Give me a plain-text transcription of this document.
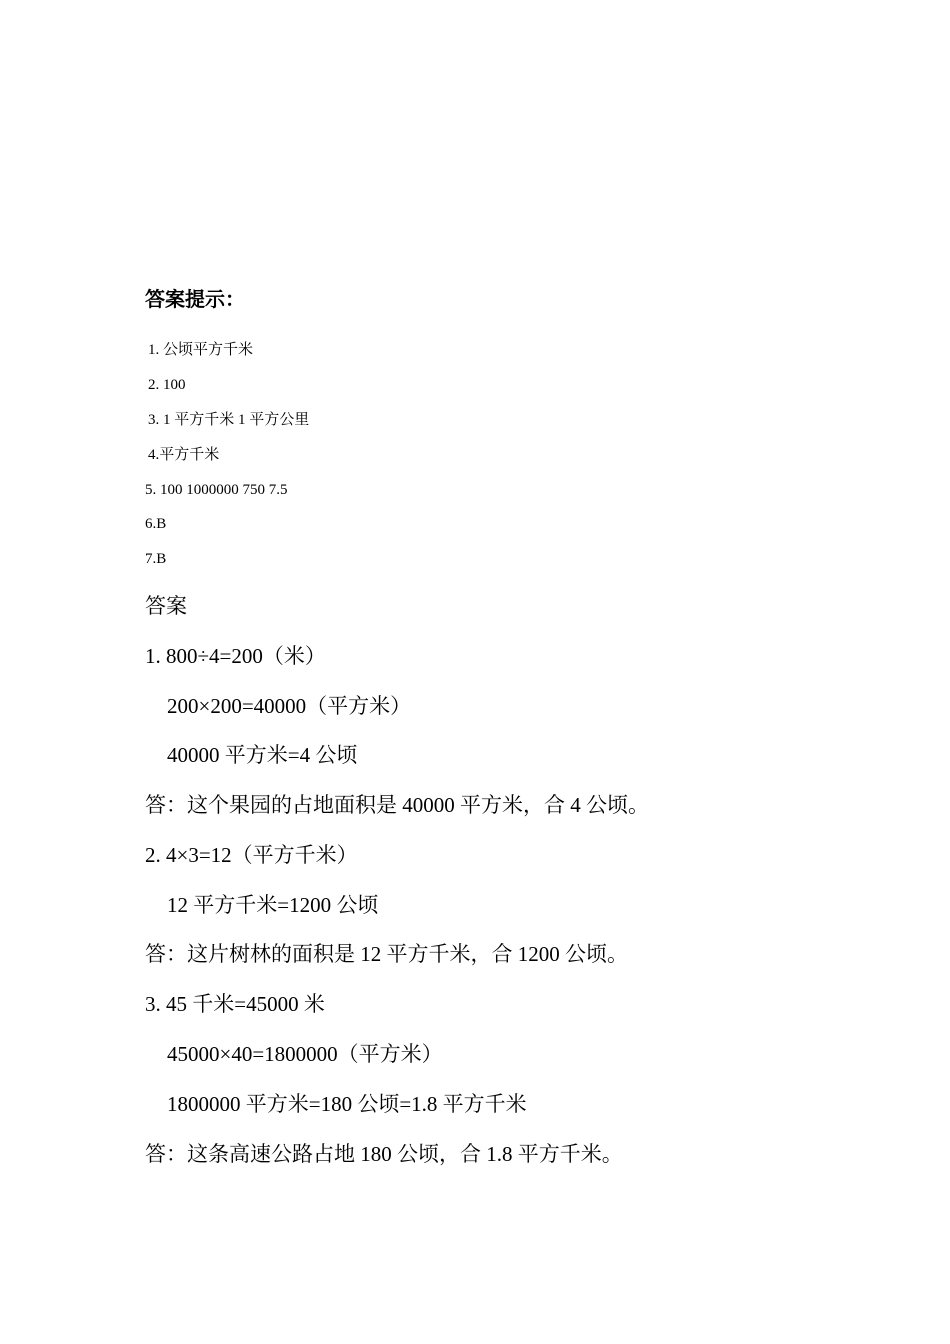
答案提示：
1. 公顷平方千米
2. 100
3. 1 平方千米 1 平方公里
4.平方千米
5. 100 1000000 750 7.5
6.B
7.B
答案
1. 800÷4=200（米）
200×200=40000（平方米）
40000 平方米=4 公顷
答：这个果园的占地面积是 40000 平方米，合 4 公顷。
2. 4×3=12（平方千米）
12 平方千米=1200 公顷
答：这片树林的面积是 12 平方千米，合 1200 公顷。
3. 45 千米=45000 米
45000×40=1800000（平方米）
1800000 平方米=180 公顷=1.8 平方千米
答：这条高速公路占地 180 公顷，合 1.8 平方千米。
